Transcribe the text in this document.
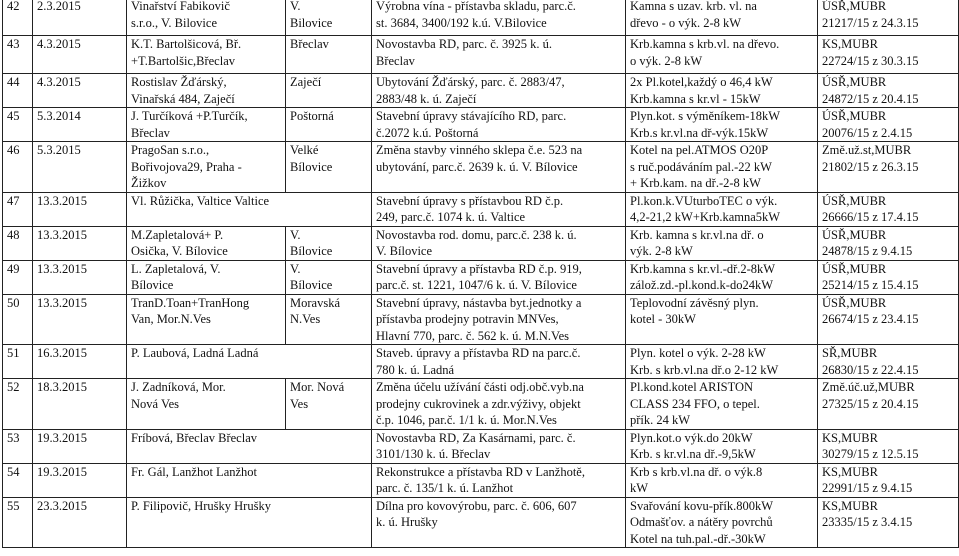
42	2.3.2015	Vinařství Fabikovič
s.r.o., V. Bilovice	V.
Bilovice	Výrobna vína - přístavba skladu, parc.č.
st. 3684, 3400/192 k.ú. V.Bilovice	Kamna s uzav. krb. vl. na
dřevo - o výk. 2-8 kW	ÚSŘ,MUBR
21217/15 z 24.3.15
43	4.3.2015	K.T. Bartolšicová, Bř.
+T.Bartolšic,Břeclav	Břeclav	Novostavba RD, parc. č. 3925 k. ú.
Břeclav	Krb.kamna s krb.vl. na dřevo.
o výk. 2-8 kW	KS,MUBR
22724/15 z 30.3.15
44	4.3.2015	Rostislav Žďárský,
Vinařská 484, Zaječí	Zaječí	Ubytování Žďárský, parc. č. 2883/47,
2883/48 k. ú. Zaječí	2x Pl.kotel,každý o 46,4 kW
Krb.kamna s kr.vl - 15kW	ÚSŘ,MUBR
24872/15 z 20.4.15
45	5.3.2014	J. Turčíková +P.Turčík,
Břeclav	Poštorná	Stavební úpravy stávajícího RD, parc.
č.2072 k.ú. Poštorná	Plyn.kot. s výměníkem-18kW
Krb.s kr.vl.na dř-výk.15kW	ÚSŘ,MUBR
20076/15 z 2.4.15
46	5.3.2015	PragoSan s.r.o.,
Bořivojova29, Praha -
Žižkov	Velké
Bílovice	Změna stavby vinného sklepa č.e. 523 na
ubytování, parc.č. 2639 k. ú. V. Bílovice	Kotel na pel.ATMOS O20P
s ruč.podáváním pal.-22 kW
+ Krb.kam. na dř.-2-8 kW	Změ.už.st,MUBR
21802/15 z 26.3.15
47	13.3.2015	Vl. Růžička, Valtice Valtice		Stavební úpravy s přístavbou RD č.p.
249, parc.č. 1074 k. ú. Valtice	Pl.kon.k.VUturboTEC o výk.
4,2-21,2 kW+Krb.kamna5kW	ÚSŘ,MUBR
26666/15 z 17.4.15
48	13.3.2015	M.Zapletalová+ P.
Osička, V. Bílovice	V.
Bílovice	Novostavba rod. domu, parc.č. 238 k. ú.
V. Bílovice	Krb. kamna s kr.vl.na dř. o
výk. 2-8 kW	ÚSŘ,MUBR
24878/15 z 9.4.15
49	13.3.2015	L. Zapletalová, V.
Bílovice	V.
Bílovice	Stavební úpravy a přístavba RD č.p. 919,
parc.č. st. 1221, 1047/6 k. ú. V. Bílovice	Krb.kamna s kr.vl.-dř.2-8kW
zálož.zd.-pl.kond.k-do24kW	ÚSŘ,MUBR
25214/15 z 15.4.15
50	13.3.2015	TranD.Toan+TranHong
Van, Mor.N.Ves	Moravská
N.Ves	Stavební úpravy, nástavba byt.jednotky a
přístavba prodejny potravin MNVes,
Hlavní 770, parc. č. 562 k. ú. M.N.Ves	Teplovodní závěsný plyn.
kotel - 30kW	ÚSŘ,MUBR
26674/15 z 23.4.15
51	16.3.2015	P. Laubová, Ladná Ladná		Staveb. úpravy a přístavba RD na parc.č.
780 k. ú. Ladná	Plyn. kotel o výk. 2-28 kW
Krb. s krb.vl.na dř.o 2-12 kW	SŘ,MUBR
26830/15 z 22.4.15
52	18.3.2015	J. Zadníková, Mor.
Nová Ves	Mor. Nová
Ves	Změna účelu užívání části odj.obč.vyb.na
prodejny cukrovinek a zdr.výživy, objekt
č.p. 1046, par.č. 1/1 k. ú. Mor.N.Ves	Pl.kond.kotel ARISTON
CLASS 234 FFO, o tepel.
přík. 24 kW	Změ.úč.už,MUBR
27325/15 z 20.4.15
53	19.3.2015	Fríbová, Břeclav Břeclav		Novostavba RD, Za Kasárnami, parc. č.
3101/130 k. ú. Břeclav	Plyn.kot.o výk.do 20kW
Krb. s kr.vl.na dř.-9,5kW	KS,MUBR
30279/15 z 12.5.15
54	19.3.2015	Fr. Gál, Lanžhot Lanžhot		Rekonstrukce a přístavba RD v Lanžhotě,
parc. č. 135/1 k. ú. Lanžhot	Krb s krb.vl.na dř. o výk.8
kW	KS,MUBR
22991/15 z 9.4.15
55	23.3.2015	P. Filipovič, Hrušky Hrušky		Dílna pro kovovýrobu, parc. č. 606, 607
k. ú. Hrušky	Svařování kovu-přík.800kW
Odmašťov. a nátěry povrchů
Kotel na tuh.pal.-dř.-30kW	KS,MUBR
23335/15 z 3.4.15
